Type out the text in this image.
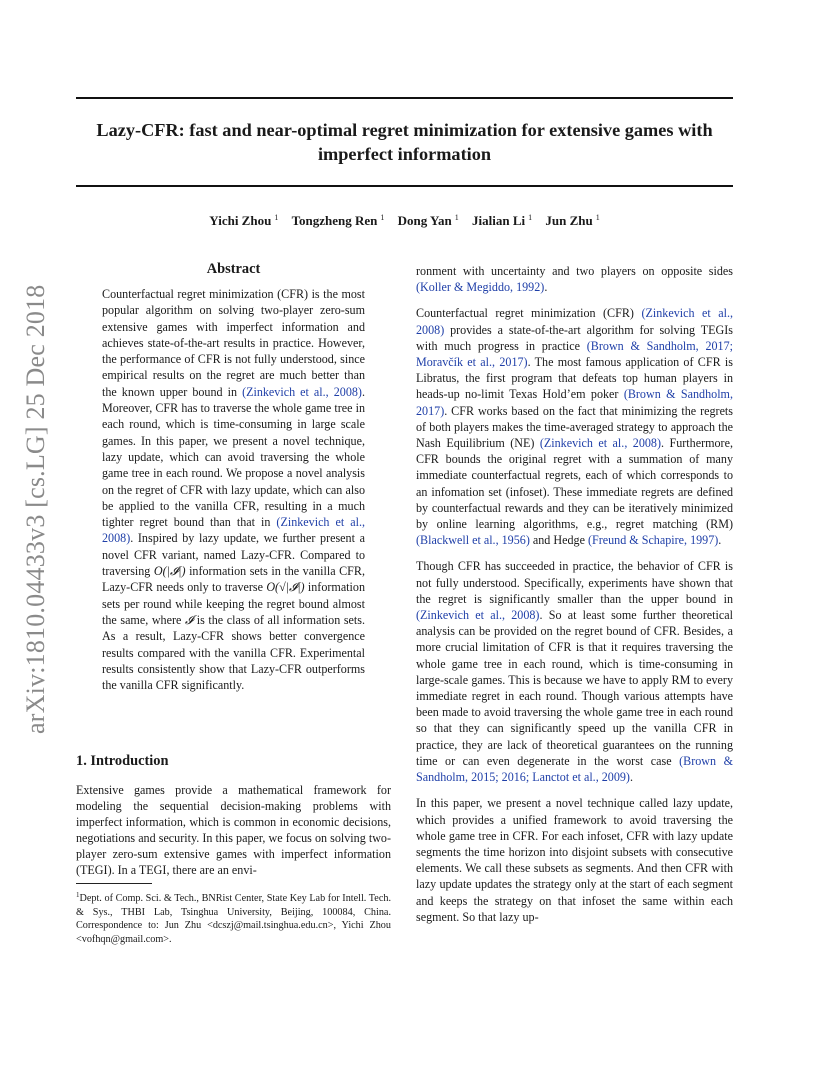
arXiv:1810.04433v3 [cs.LG] 25 Dec 2018
Lazy-CFR: fast and near-optimal regret minimization for extensive games with
imperfect information
Yichi Zhou $^1$ Tongzheng Ren $^1$ Dong Yan $^1$ Jialian Li $^1$ Jun Zhu $^1$
Abstract
Counterfactual regret minimization (CFR) is the most popular algorithm on solving two-player zero-sum extensive games with imperfect information and achieves state-of-the-art results in practice. However, the performance of CFR is not fully understood, since empirical results on the regret are much better than the known upper bound in (Zinkevich et al., 2008). Moreover, CFR has to traverse the whole game tree in each round, which is time-consuming in large scale games. In this paper, we present a novel technique, lazy update, which can avoid traversing the whole game tree in each round. We propose a novel analysis on the regret of CFR with lazy update, which can also be applied to the vanilla CFR, resulting in a much tighter regret bound than that in (Zinkevich et al., 2008). Inspired by lazy update, we further present a novel CFR variant, named Lazy-CFR. Compared to traversing O(|𝓘|) information sets in the vanilla CFR, Lazy-CFR needs only to traverse O(√|𝓘|) information sets per round while keeping the regret bound almost the same, where 𝓘 is the class of all information sets. As a result, Lazy-CFR shows better convergence results compared with the vanilla CFR. Experimental results consistently show that Lazy-CFR outperforms the vanilla CFR significantly.
1. Introduction
Extensive games provide a mathematical framework for modeling the sequential decision-making problems with imperfect information, which is common in economic decisions, negotiations and security. In this paper, we focus on solving two-player zero-sum extensive games with imperfect information (TEGI). In a TEGI, there are an envi-
$^1$Dept. of Comp. Sci. & Tech., BNRist Center, State Key Lab for Intell. Tech. & Sys., THBI Lab, Tsinghua University, Beijing, 100084, China. Correspondence to: Jun Zhu <dcszj@mail.tsinghua.edu.cn>, Yichi Zhou <vofhqn@gmail.com>.

ronment with uncertainty and two players on opposite sides (Koller & Megiddo, 1992).

Counterfactual regret minimization (CFR) (Zinkevich et al., 2008) provides a state-of-the-art algorithm for solving TEGIs with much progress in practice (Brown & Sandholm, 2017; Moravčík et al., 2017). The most famous application of CFR is Libratus, the first program that defeats top human players in heads-up no-limit Texas Hold’em poker (Brown & Sandholm, 2017). CFR works based on the fact that minimizing the regrets of both players makes the time-averaged strategy to approach the Nash Equilibrium (NE) (Zinkevich et al., 2008). Furthermore, CFR bounds the original regret with a summation of many immediate counterfactual regrets, each of which corresponds to an infomation set (infoset). These immediate regrets are defined by counterfactual rewards and they can be iteratively minimized by online learning algorithms, e.g., regret matching (RM) (Blackwell et al., 1956) and Hedge (Freund & Schapire, 1997).

Though CFR has succeeded in practice, the behavior of CFR is not fully understood. Specifically, experiments have shown that the regret is significantly smaller than the upper bound in (Zinkevich et al., 2008). So at least some further theoretical analysis can be provided on the regret bound of CFR. Besides, a more crucial limitation of CFR is that it requires traversing the whole game tree in each round, which is time-consuming in large-scale games. This is because we have to apply RM to every immediate regret in each round. Though various attempts have been made to avoid traversing the whole game tree in each round so that they can significantly speed up the vanilla CFR in practice, they are lack of theoretical guarantees on the running time or can even degenerate in the worst case (Brown & Sandholm, 2015; 2016; Lanctot et al., 2009).

In this paper, we present a novel technique called lazy update, which provides a unified framework to avoid traversing the whole game tree in CFR. For each infoset, CFR with lazy update segments the time horizon into disjoint subsets with consecutive elements. We call these subsets as segments. And then CFR with lazy update updates the strategy only at the start of each segment and keeps the strategy on that infoset the same within each segment. So that lazy up-
